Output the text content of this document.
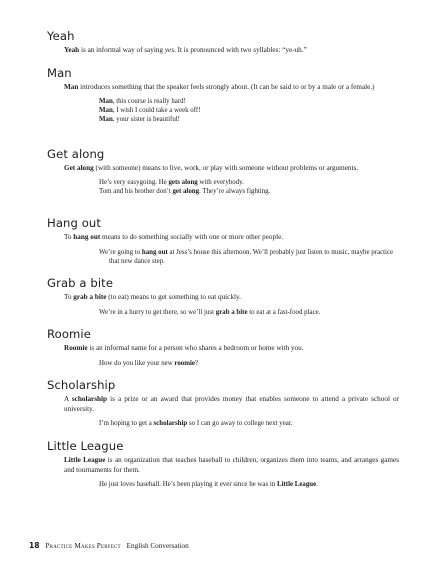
Yeah

Yeah is an informal way of saying yes. It is pronounced with two syllables: “ye-uh.”

Man

Man introduces something that the speaker feels strongly about. (It can be said to or by a male or a female.)

Man, this course is really hard!

Man, I wish I could take a week off!

Man, your sister is beautiful!

Get along

Get along (with someone) means to live, work, or play with someone without problems or arguments.

He’s very easygoing. He gets along with everybody.

Tom and his brother don’t get along. They’re always fighting.

Hang out

To hang out means to do something socially with one or more other people.

We’re going to hang out at Jess’s house this afternoon. We’ll probably just listen to music, maybe practice that new dance step.

Grab a bite

To grab a bite (to eat) means to get something to eat quickly.

We’re in a hurry to get there, so we’ll just grab a bite to eat at a fast-food place.

Roomie

Roomie is an informal name for a person who shares a bedroom or home with you.

How do you like your new roomie?

Scholarship

A scholarship is a prize or an award that provides money that enables someone to attend a private school or university.

I’m hoping to get a scholarship so I can go away to college next year.

Little League

Little League is an organization that teaches baseball to children, organizes them into teams, and arranges games and tournaments for them.

He just loves baseball. He’s been playing it ever since he was in Little League.

18 Practice Makes Perfect English Conversation
